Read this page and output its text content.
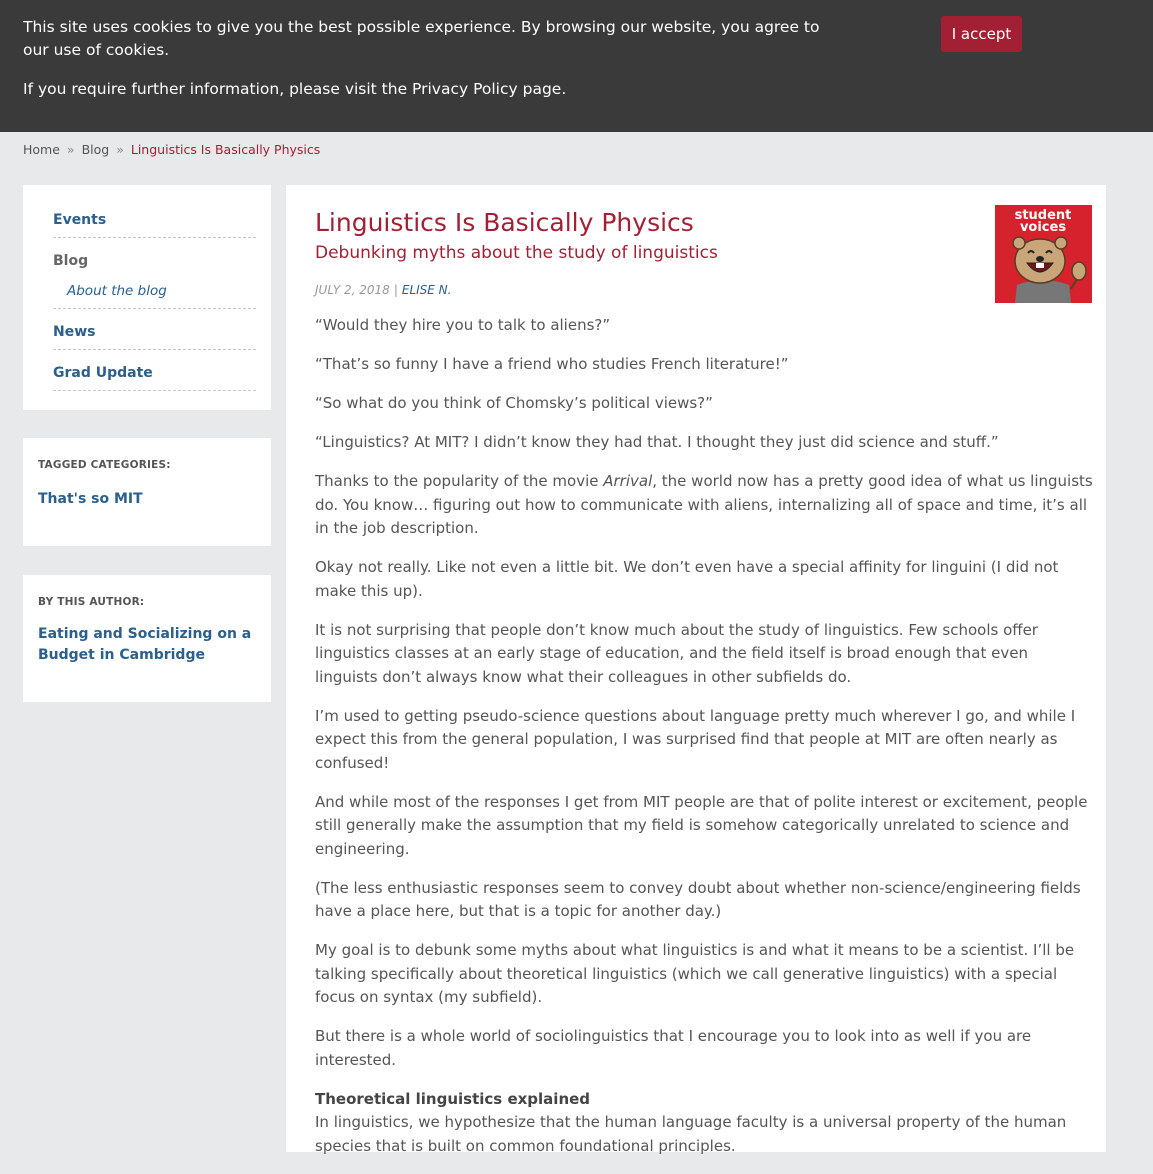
This site uses cookies to give you the best possible experience. By browsing our website, you agree to our use of cookies.

If you require further information, please visit the Privacy Policy page.

I accept
Home » Blog » Linguistics Is Basically Physics
Events
Blog
About the blog
News
Grad Update
TAGGED CATEGORIES:
That's so MIT
BY THIS AUTHOR:
Eating and Socializing on a Budget in Cambridge
student
voices
Linguistics Is Basically Physics
Debunking myths about the study of linguistics
JULY 2, 2018 | ELISE N.

“Would they hire you to talk to aliens?”

“That’s so funny I have a friend who studies French literature!”

“So what do you think of Chomsky’s political views?”

“Linguistics? At MIT? I didn’t know they had that. I thought they just did science and stuff.”

Thanks to the popularity of the movie Arrival, the world now has a pretty good idea of what us linguists do. You know… figuring out how to communicate with aliens, internalizing all of space and time, it’s all in the job description.

Okay not really. Like not even a little bit. We don’t even have a special affinity for linguini (I did not make this up).

It is not surprising that people don’t know much about the study of linguistics. Few schools offer linguistics classes at an early stage of education, and the field itself is broad enough that even linguists don’t always know what their colleagues in other subfields do.

I’m used to getting pseudo-science questions about language pretty much wherever I go, and while I expect this from the general population, I was surprised find that people at MIT are often nearly as confused!

And while most of the responses I get from MIT people are that of polite interest or excitement, people still generally make the assumption that my field is somehow categorically unrelated to science and engineering.

(The less enthusiastic responses seem to convey doubt about whether non-science/engineering fields have a place here, but that is a topic for another day.)

My goal is to debunk some myths about what linguistics is and what it means to be a scientist. I’ll be talking specifically about theoretical linguistics (which we call generative linguistics) with a special focus on syntax (my subfield).

But there is a whole world of sociolinguistics that I encourage you to look into as well if you are interested.

Theoretical linguistics explained

In linguistics, we hypothesize that the human language faculty is a universal property of the human species that is built on common foundational principles.
